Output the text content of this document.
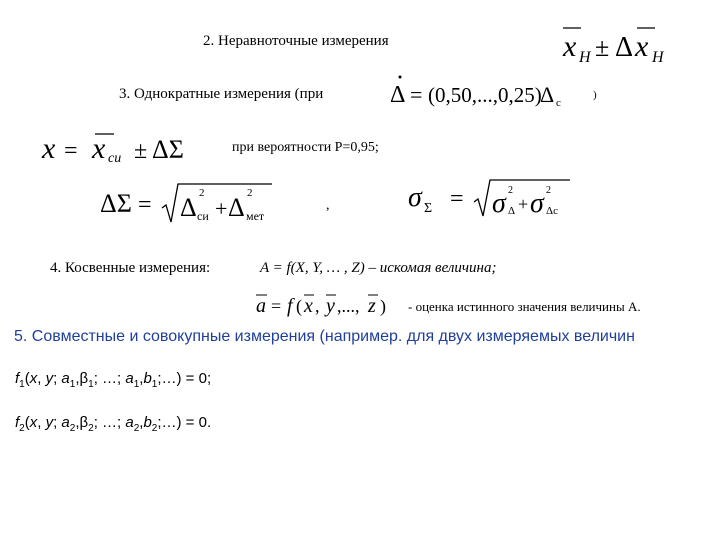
2. Неравноточные измерения	x Н ± Δ x Н
3. Однократные измерения (при	Δ = (0,50,...,0,25)
Δ с
)
x = x си ± ΔΣ	при вероятности Р=0,95;
ΔΣ = Δ 2
си + Δ 2
мет
,	σ Σ = σ 2
Δ + σ 2
Δс
4. Косвенные измерения:	A = f(X, Y, … , Z) – искомая величина;
a = f ( x , y ,..., z ) - оценка истинного значения величины А.
5. Совместные и совокупные измерения (например. для двух измеряемых величин
$f_1(x$, y; $a_1,\beta_1$; …; $a_1,b_1;\dots) = 0$;
$f_2(x$, y; $a_2,\beta_2$; …; $a_2,b_2;\dots) = 0$.
